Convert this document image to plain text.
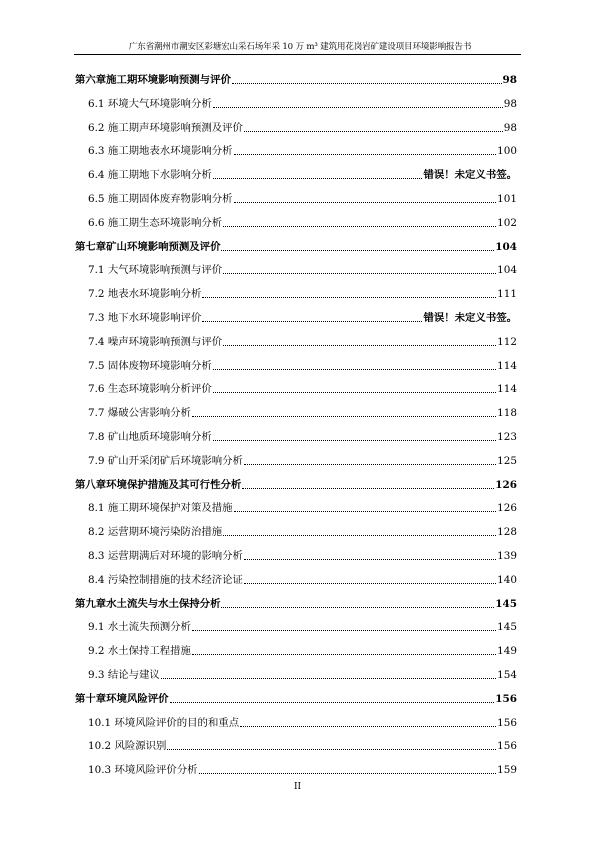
广东省潮州市潮安区彩塘宏山采石场年采 10 万 m³ 建筑用花岗岩矿建设项目环境影响报告书
第六章施工期环境影响预测与评价	98
6.1 环境大气环境影响分析	98
6.2 施工期声环境影响预测及评价	98
6.3 施工期地表水环境影响分析	100
6.4 施工期地下水影响分析	错误！未定义书签。
6.5 施工期固体废弃物影响分析	101
6.6 施工期生态环境影响分析	102
第七章矿山环境影响预测及评价	104
7.1 大气环境影响预测与评价	104
7.2 地表水环境影响分析	111
7.3 地下水环境影响评价	错误！未定义书签。
7.4 噪声环境影响预测与评价	112
7.5 固体废物环境影响分析	114
7.6 生态环境影响分析评价	114
7.7 爆破公害影响分析	118
7.8 矿山地质环境影响分析	123
7.9 矿山开采闭矿后环境影响分析	125
第八章环境保护措施及其可行性分析	126
8.1 施工期环境保护对策及措施	126
8.2 运营期环境污染防治措施	128
8.3 运营期满后对环境的影响分析	139
8.4 污染控制措施的技术经济论证	140
第九章水土流失与水土保持分析	145
9.1 水土流失预测分析	145
9.2 水土保持工程措施	149
9.3 结论与建议	154
第十章环境风险评价	156
10.1 环境风险评价的目的和重点	156
10.2 风险源识别	156
10.3 环境风险评价分析	159
II
